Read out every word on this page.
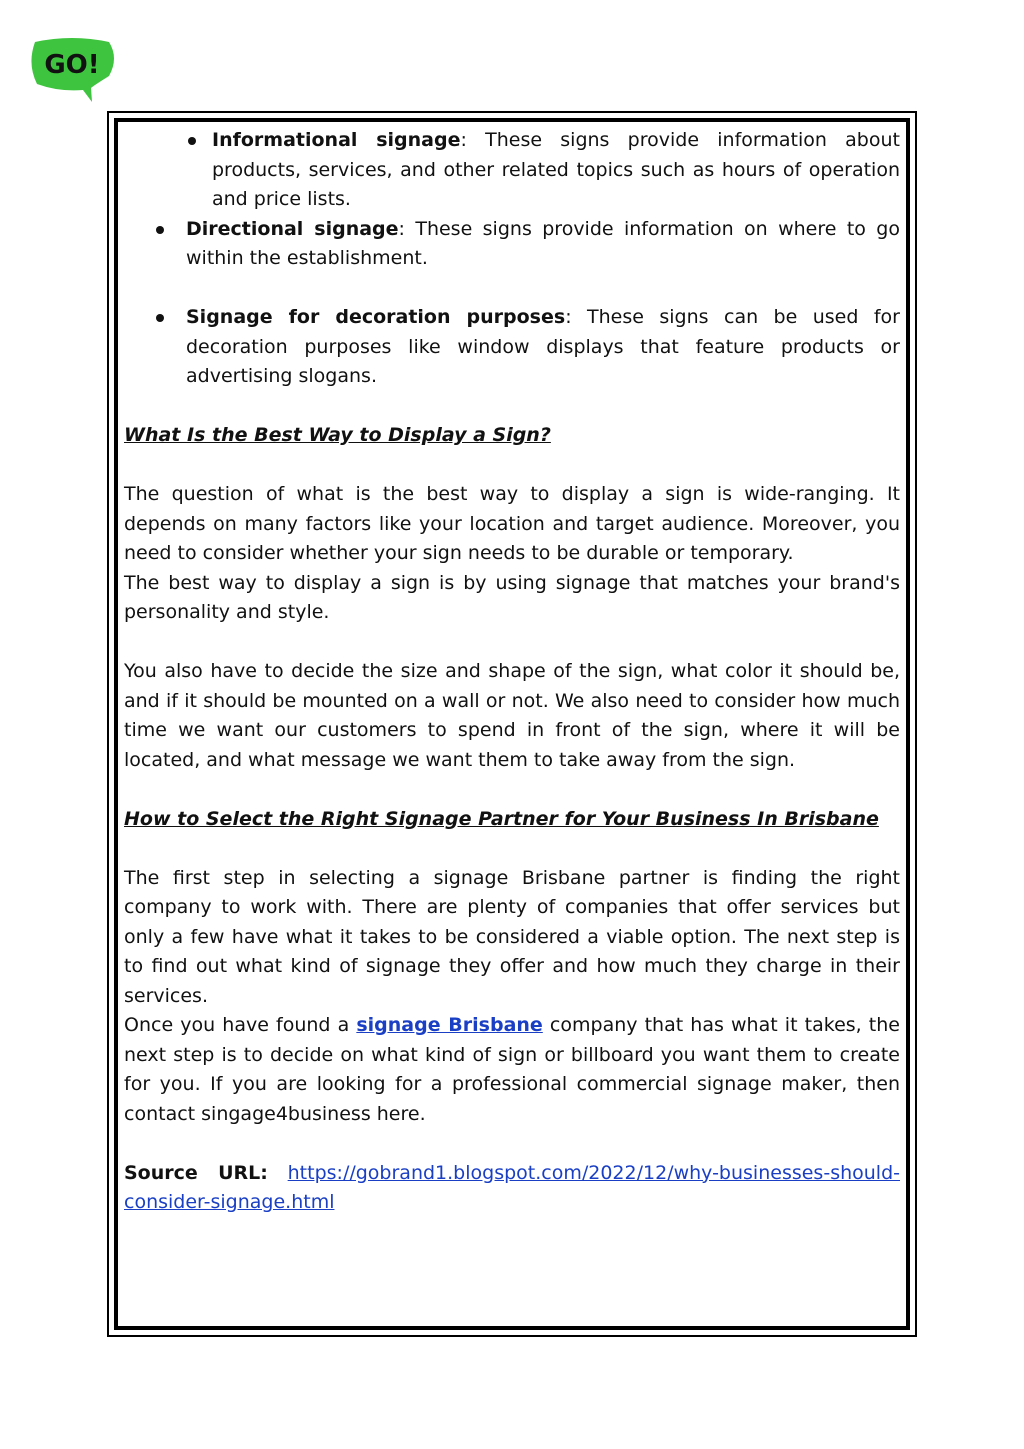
GO!
Informational signage: These signs provide information about products, services, and other related topics such as hours of operation and price lists.
Directional signage: These signs provide information on where to go within the establishment.
Signage for decoration purposes: These signs can be used for decoration purposes like window displays that feature products or advertising slogans.

What Is the Best Way to Display a Sign?

The question of what is the best way to display a sign is wide-ranging. It depends on many factors like your location and target audience. Moreover, you need to consider whether your sign needs to be durable or temporary.

The best way to display a sign is by using signage that matches your brand's personality and style.

You also have to decide the size and shape of the sign, what color it should be, and if it should be mounted on a wall or not. We also need to consider how much time we want our customers to spend in front of the sign, where it will be located, and what message we want them to take away from the sign.

How to Select the Right Signage Partner for Your Business In Brisbane

The first step in selecting a signage Brisbane partner is finding the right company to work with. There are plenty of companies that offer services but only a few have what it takes to be considered a viable option. The next step is to find out what kind of signage they offer and how much they charge in their services.

Once you have found a signage Brisbane company that has what it takes, the next step is to decide on what kind of sign or billboard you want them to create for you. If you are looking for a professional commercial signage maker, then contact singage4business here.

Source URL: https://gobrand1.blogspot.com/2022/12/why-businesses-should-consider-signage.html
